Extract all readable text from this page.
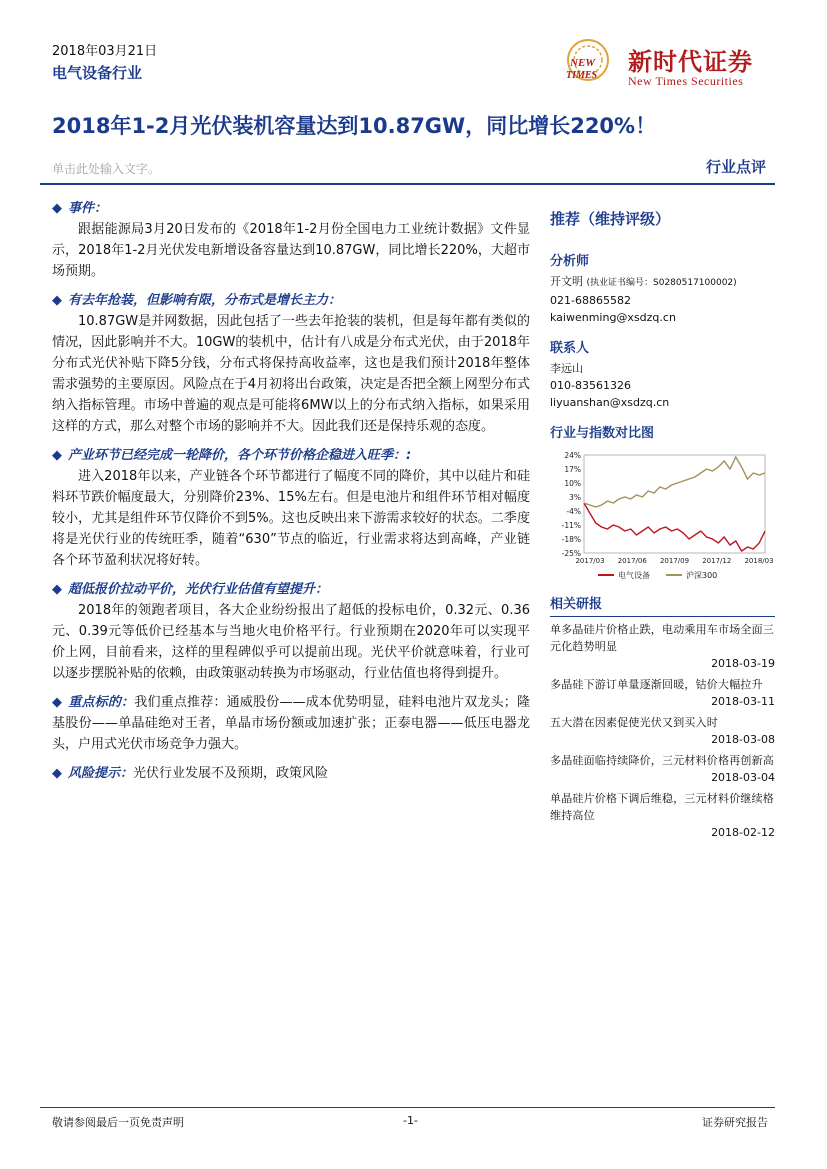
2018年03月21日
电气设备行业
NEW
TIMES 新时代证券
New Times Securities
2018年1-2月光伏装机容量达到10.87GW，同比增长220%！
单击此处输入文字。	行业点评

◆ 事件：

跟据能源局3月20日发布的《2018年1-2月份全国电力工业统计数据》文件显示，2018年1-2月光伏发电新增设备容量达到10.87GW，同比增长220%，大超市场预期。

◆ 有去年抢装，但影响有限，分布式是增长主力：

10.87GW是并网数据，因此包括了一些去年抢装的装机，但是每年都有类似的情况，因此影响并不大。10GW的装机中，估计有八成是分布式光伏，由于2018年分布式光伏补贴下降5分钱，分布式将保持高收益率，这也是我们预计2018年整体需求强势的主要原因。风险点在于4月初将出台政策，决定是否把全额上网型分布式纳入指标管理。市场中普遍的观点是可能将6MW以上的分布式纳入指标，如果采用这样的方式，那么对整个市场的影响并不大。因此我们还是保持乐观的态度。

◆ 产业环节已经完成一轮降价，各个环节价格企稳进入旺季：:

进入2018年以来，产业链各个环节都进行了幅度不同的降价，其中以硅片和硅料环节跌价幅度最大，分别降价23%、15%左右。但是电池片和组件环节相对幅度较小，尤其是组件环节仅降价不到5%。这也反映出来下游需求较好的状态。二季度将是光伏行业的传统旺季，随着“630”节点的临近，行业需求将达到高峰，产业链各个环节盈利状况将好转。

◆ 超低报价拉动平价，光伏行业估值有望提升：

2018年的领跑者项目，各大企业纷纷报出了超低的投标电价，0.32元、0.36元、0.39元等低价已经基本与当地火电价格平行。行业预期在2020年可以实现平价上网，目前看来，这样的里程碑似乎可以提前出现。光伏平价就意味着，行业可以逐步摆脱补贴的依赖，由政策驱动转换为市场驱动，行业估值也将得到提升。

◆ 重点标的：我们重点推荐：通威股份——成本优势明显，硅料电池片双龙头；隆基股份——单晶硅绝对王者，单晶市场份额或加速扩张；正泰电器——低压电器龙头，户用式光伏市场竞争力强大。

◆ 风险提示：光伏行业发展不及预期，政策风险

推荐（维持评级）

分析师

开文明 (执业证书编号：S0280517100002)

021-68865582

kaiwenming@xsdzq.cn

联系人

李远山

010-83561326

liyuanshan@xsdzq.cn

行业与指数对比图

24%
17%
10%
3%
-4%
-11%
-18%
-25%
2017/03 2017/06 2017/09 2017/12 2018/03
电气设备	沪深300

相关研报

单多晶硅片价格止跌，电动乘用车市场全面三元化趋势明显

2018-03-19

多晶硅下游订单量逐渐回暖，钴价大幅拉升

2018-03-11

五大潜在因素促使光伏又到买入时

2018-03-08

多晶硅面临持续降价，三元材料价格再创新高

2018-03-04

单晶硅片价格下调后维稳，三元材料价继续格维持高位

2018-02-12

敬请参阅最后一页免责声明	-1-	证券研究报告
